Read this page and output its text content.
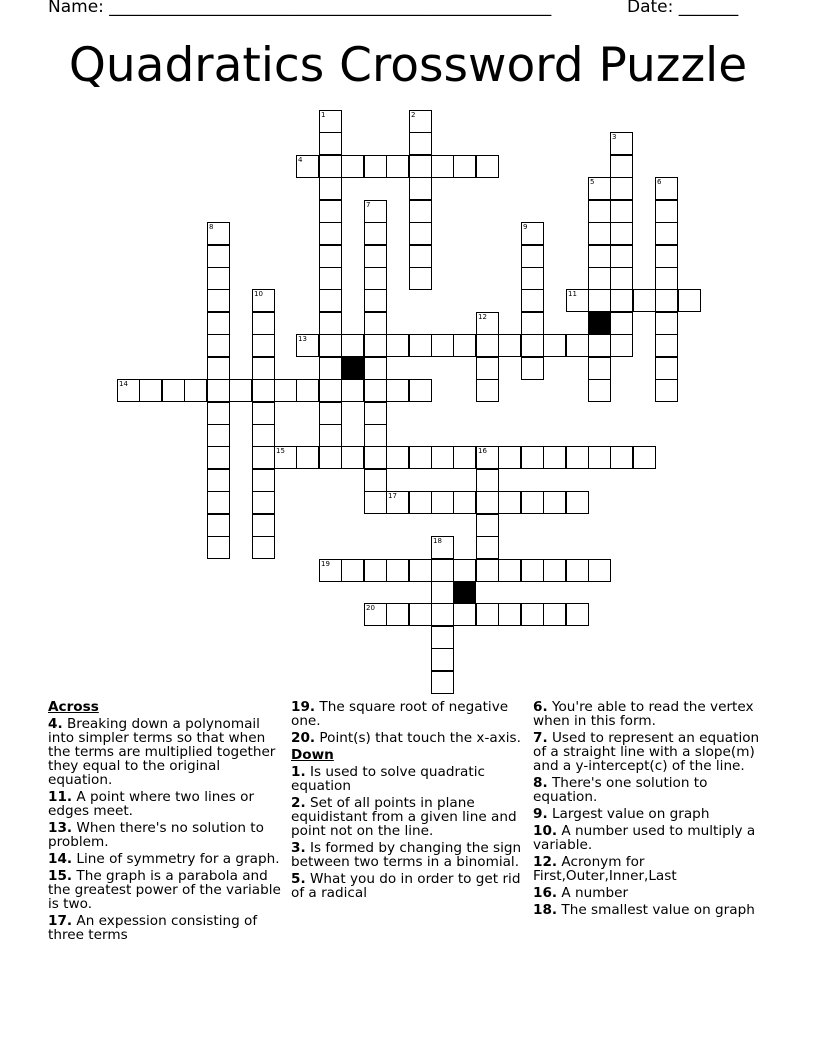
Name: ____________________________________________________	Date: _______
Quadratics Crossword Puzzle
1	2
3
4
5	6
7
8	9
10	11
12
13
14
15	16
17
18
19
20
Across
4. Breaking down a polynomail into simpler terms so that when the terms are multiplied together they equal to the original equation.
11. A point where two lines or edges meet.
13. When there's no solution to problem.
14. Line of symmetry for a graph.
15. The graph is a parabola and the greatest power of the variable is two.
17. An expession consisting of three terms
19. The square root of negative one.
20. Point(s) that touch the x-axis.
Down
1. Is used to solve quadratic equation
2. Set of all points in plane equidistant from a given line and point not on the line.
3. Is formed by changing the sign between two terms in a binomial.
5. What you do in order to get rid of a radical
6. You're able to read the vertex when in this form.
7. Used to represent an equation of a straight line with a slope(m) and a y-intercept(c) of the line.
8. There's one solution to equation.
9. Largest value on graph
10. A number used to multiply a variable.
12. Acronym for First,Outer,Inner,Last
16. A number
18. The smallest value on graph
